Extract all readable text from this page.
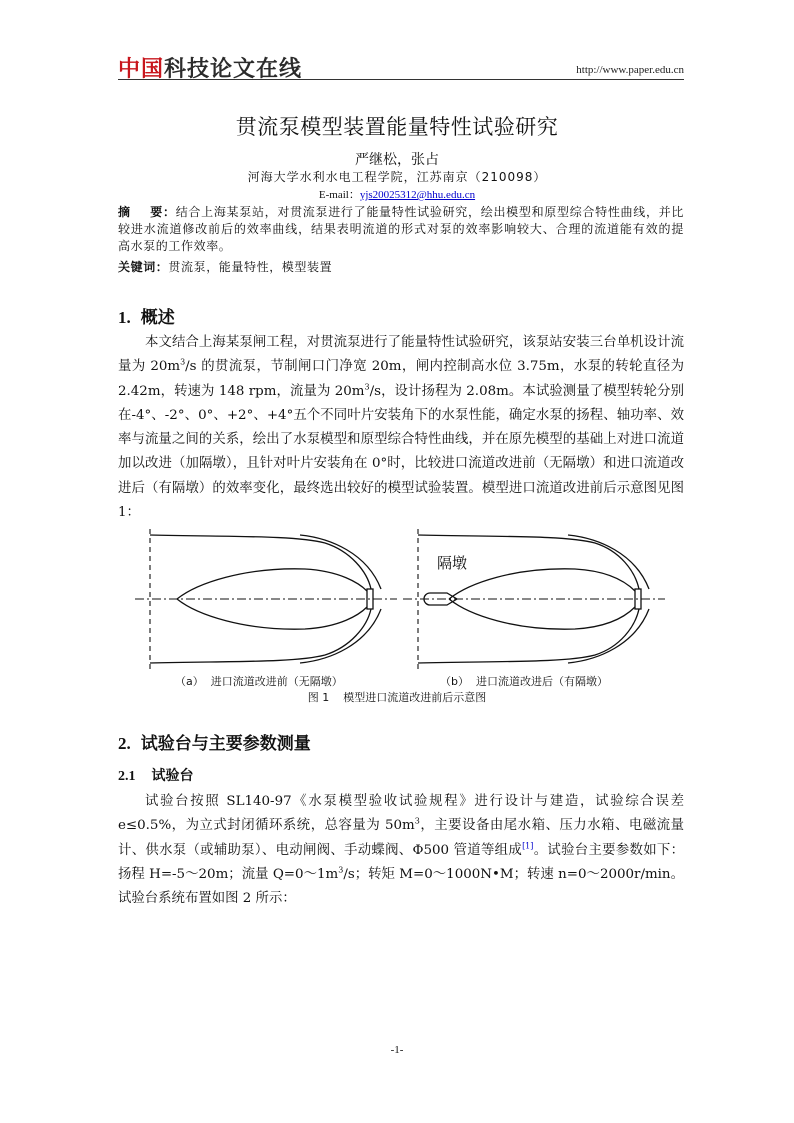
中国科技论文在线	http://www.paper.edu.cn
贯流泵模型装置能量特性试验研究
严继松，张占
河海大学水利水电工程学院，江苏南京（210098）
E-mail：yjs20025312@hhu.edu.cn
摘    要：结合上海某泵站，对贯流泵进行了能量特性试验研究，绘出模型和原型综合特性曲线，并比较进水流道修改前后的效率曲线，结果表明流道的形式对泵的效率影响较大、合理的流道能有效的提高水泵的工作效率。
关键词：贯流泵，能量特性，模型装置
1. 概述

本文结合上海某泵闸工程，对贯流泵进行了能量特性试验研究，该泵站安装三台单机设计流量为 $20m^3/s$ 的贯流泵，节制闸口门净宽 20m，闸内控制高水位 3.75m，水泵的转轮直径为 2.42m，转速为 148 rpm，流量为 $20m^3/s$，设计扬程为 2.08m。本试验测量了模型转轮分别在-4°、-2°、0°、+2°、+4°五个不同叶片安装角下的水泵性能，确定水泵的扬程、轴功率、效率与流量之间的关系，绘出了水泵模型和原型综合特性曲线，并在原先模型的基础上对进口流道加以改进（加隔墩），且针对叶片安装角在 0°时，比较进口流道改进前（无隔墩）和进口流道改进后（有隔墩）的效率变化，最终选出较好的模型试验装置。模型进口流道改进前后示意图见图 1：

隔墩
（a）  进口流道改进前（无隔墩）	（b）  进口流道改进后（有隔墩）
图 1    模型进口流道改进前后示意图
2. 试验台与主要参数测量
2.1 试验台

试验台按照 SL140-97《水泵模型验收试验规程》进行设计与建造，试验综合误差 e≤0.5%，为立式封闭循环系统，总容量为 $50m^3$，主要设备由尾水箱、压力水箱、电磁流量计、供水泵（或辅助泵）、电动闸阀、手动蝶阀、Φ500 管道等组成[1]。试验台主要参数如下：扬程 H=-5～20m；流量 $Q=0\sim 1m^3/s$；转矩 M=0～1000N•M；转速 n=0～2000r/min。试验台系统布置如图 2 所示：

-1-
